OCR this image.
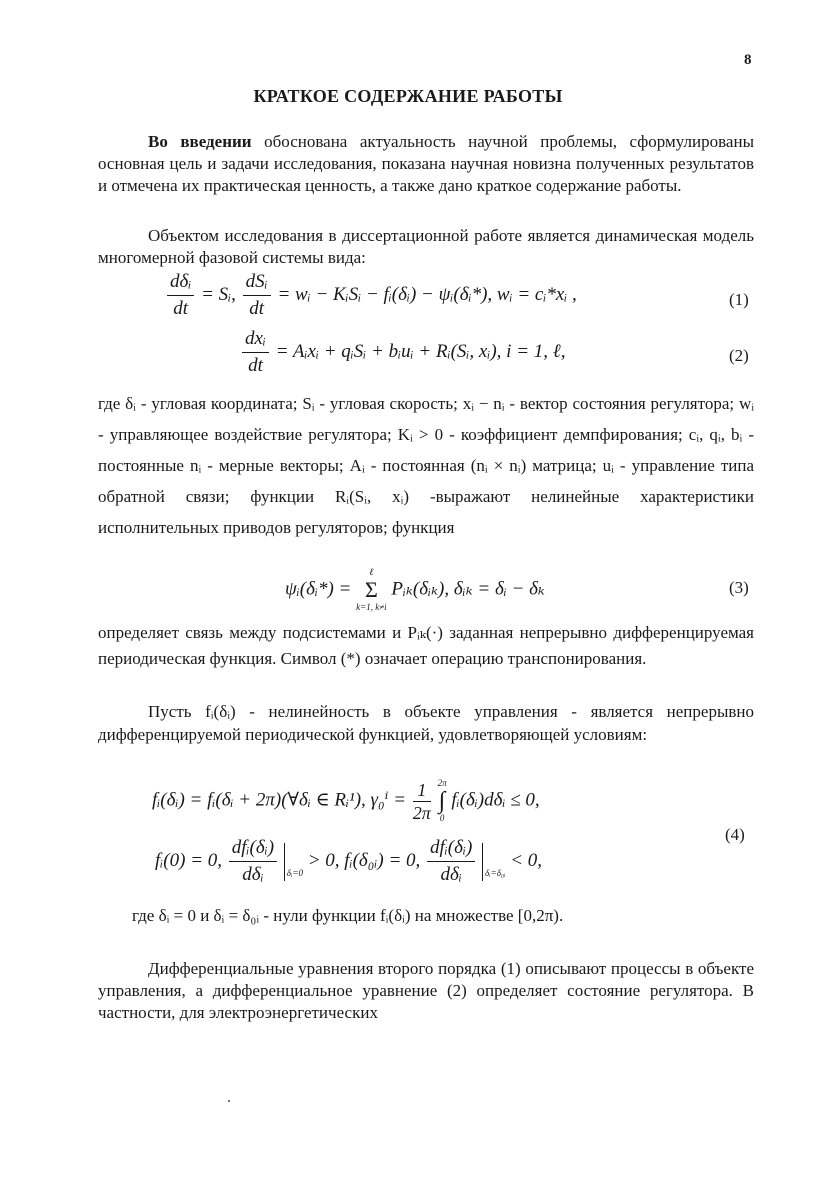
8
КРАТКОЕ СОДЕРЖАНИЕ РАБОТЫ
Во введении обоснована актуальность научной проблемы, сформулированы основная цель и задачи исследования, показана научная новизна полученных результатов и отмечена их практическая ценность, а также дано краткое содержание работы.
Объектом исследования в диссертационной работе является динамическая модель многомерной фазовой системы вида:
$\frac{\text{dδᵢ}}{dt}$ = Sᵢ, $\frac{\text{dSᵢ}}{dt}$ = wᵢ − KᵢSᵢ − fᵢ(δᵢ) − ψᵢ(δᵢ*), wᵢ = cᵢ*xᵢ ,	(1)
$\frac{\text{dxᵢ}}{dt}$ = Aᵢxᵢ + qᵢSᵢ + bᵢuᵢ + Rᵢ(Sᵢ, xᵢ), i = 1, ℓ,	(2)
где δᵢ - угловая координата; Sᵢ - угловая скорость; xᵢ − nᵢ - вектор состояния регулятора; wᵢ - управляющее воздействие регулятора; Kᵢ > 0 - коэффициент демпфирования; cᵢ, qᵢ, bᵢ - постоянные nᵢ - мерные векторы; Aᵢ - постоянная (nᵢ × nᵢ) матрица; uᵢ - управление типа обратной связи; функции Rᵢ(Sᵢ, xᵢ) -выражают нелинейные характеристики исполнительных приводов регуляторов; функция
ψᵢ(δᵢ*) =
ℓ
Σ
k=1, k≠i
Pᵢₖ(δᵢₖ), δᵢₖ = δᵢ − δₖ	(3)
определяет связь между подсистемами и Pᵢₖ(·) заданная непрерывно дифференцируемая периодическая функция. Символ (*) означает операцию транспонирования.
Пусть fᵢ(δᵢ) - нелинейность в объекте управления - является непрерывно дифференцируемой периодической функцией, удовлетворяющей условиям:
fᵢ(δᵢ) = fᵢ(δᵢ + 2π)(∀δᵢ ∈ Rᵢ¹), $\gamma_0^i = \frac{1}{2\pi}$
2π
∫
0
fᵢ(δᵢ)dδᵢ ≤ 0,
(4)
fᵢ(0) = 0, $\frac{\text{dfᵢ(δᵢ)}}{\text{dδᵢ}}$ δᵢ=0 > 0, fᵢ(δ₀ᵢ) = 0, $\frac{\text{dfᵢ(δᵢ)}}{\text{dδᵢ}}$ δᵢ=δ₀ᵢ < 0,
где δᵢ = 0 и δᵢ = δ₀ᵢ - нули функции fᵢ(δᵢ) на множестве [0,2π).
Дифференциальные уравнения второго порядка (1) описывают процессы в объекте управления, а дифференциальное уравнение (2) определяет состояние регулятора. В частности, для электроэнергетических
